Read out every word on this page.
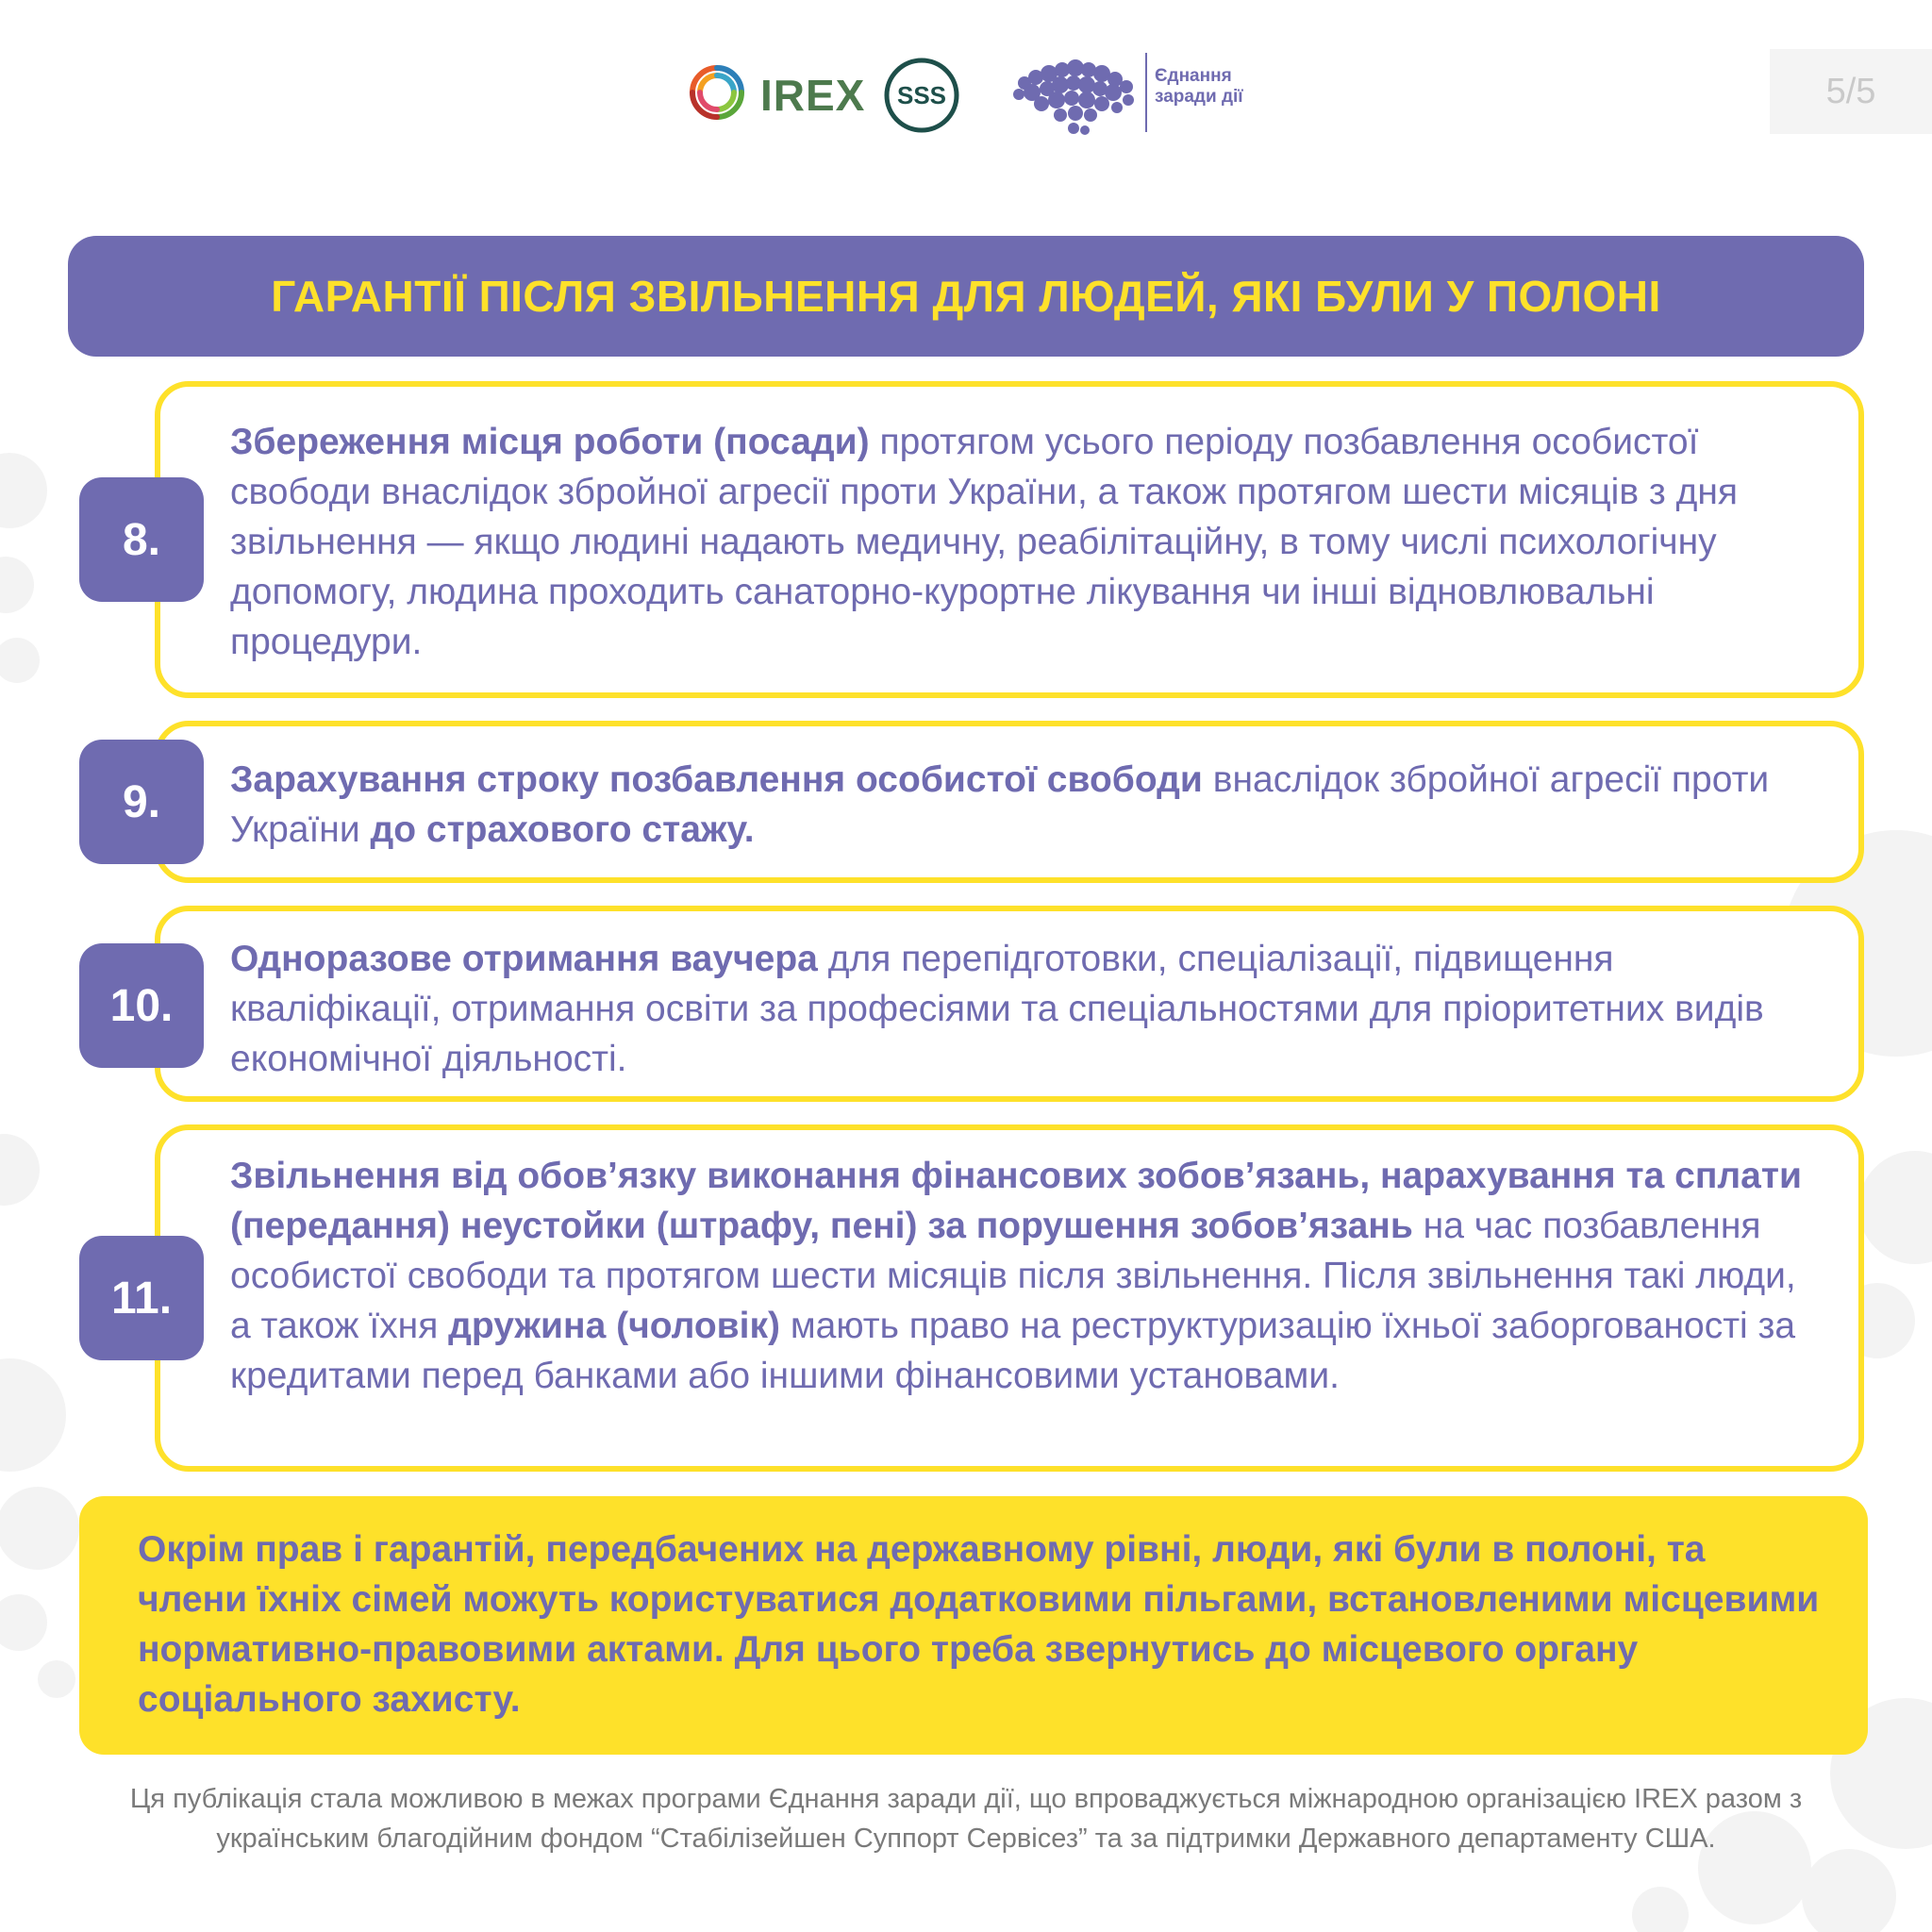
IREX SSS
Єднання
заради дії	5/5
ГАРАНТІЇ ПІСЛЯ ЗВІЛЬНЕННЯ ДЛЯ ЛЮДЕЙ, ЯКІ БУЛИ У ПОЛОНІ
8.

Збереження місця роботи (посади) протягом усього періоду позбавлення особистої свободи внаслідок збройної агресії проти України, а також протягом шести місяців з дня звільнення — якщо людині надають медичну, реабілітаційну, в тому числі психологічну допомогу, людина проходить санаторно-курортне лікування чи інші відновлювальні процедури.

9.	Зарахування строку позбавлення особистої свободи внаслідок збройної агресії проти України до страхового стажу.

10.

Одноразове отримання ваучера для перепідготовки, спеціалізації, підвищення кваліфікації, отримання освіти за професіями та спеціальностями для пріоритетних видів економічної діяльності.

11.

Звільнення від обов’язку виконання фінансових зобов’язань, нарахування та сплати (передання) неустойки (штрафу, пені) за порушення зобов’язань на час позбавлення особистої свободи та протягом шести місяців після звільнення. Після звільнення такі люди, а також їхня дружина (чоловік) мають право на реструктуризацію їхньої заборгованості за кредитами перед банками або іншими фінансовими установами.

Окрім прав і гарантій, передбачених на державному рівні, люди, які були в полоні, та члени їхніх сімей можуть користуватися додатковими пільгами, встановленими місцевими нормативно-правовими актами. Для цього треба звернутись до місцевого органу соціального захисту.

Ця публікація стала можливою в межах програми Єднання заради дії, що впроваджується міжнародною організацією IREX разом з
українським благодійним фондом “Стабілізейшен Суппорт Сервісез” та за підтримки Державного департаменту США.
